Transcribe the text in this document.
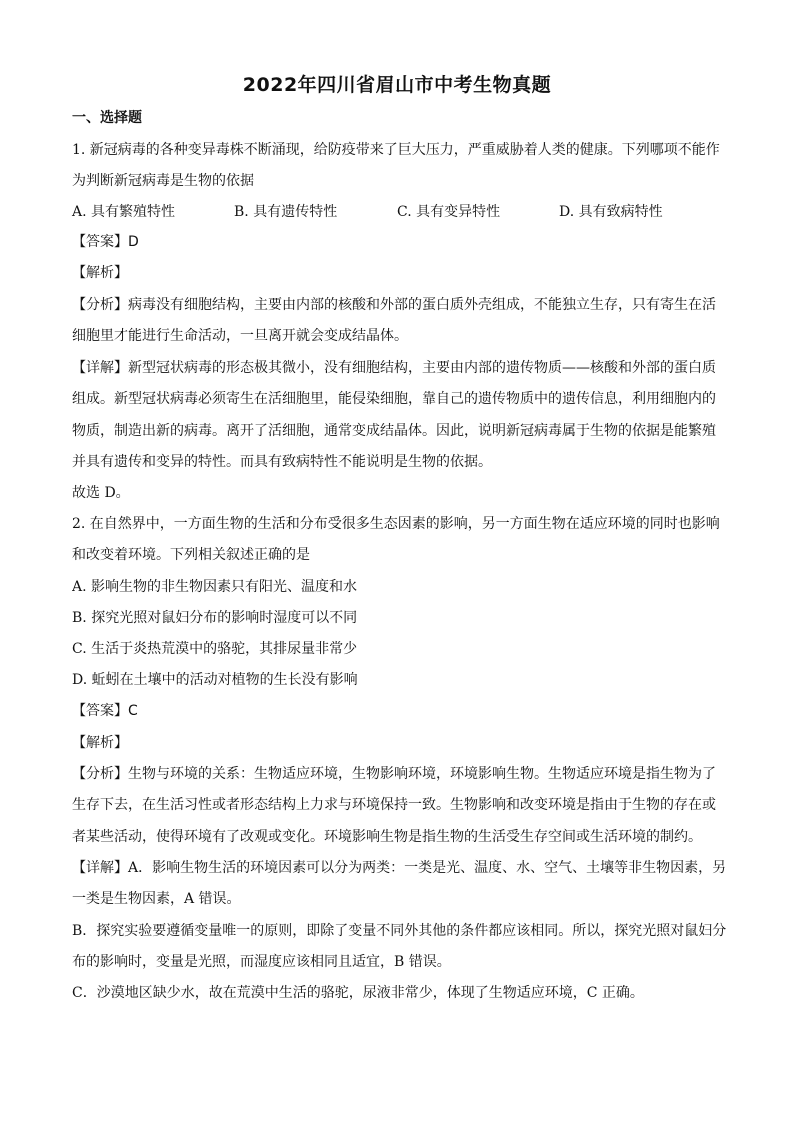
2022年四川省眉山市中考生物真题
一、选择题
1. 新冠病毒的各种变异毒株不断涌现，给防疫带来了巨大压力，严重威胁着人类的健康。下列哪项不能作
为判断新冠病毒是生物的依据
A. 具有繁殖特性	B. 具有遗传特性	C. 具有变异特性	D. 具有致病特性
【答案】D
【解析】
【分析】病毒没有细胞结构，主要由内部的核酸和外部的蛋白质外壳组成，不能独立生存，只有寄生在活
细胞里才能进行生命活动，一旦离开就会变成结晶体。
【详解】新型冠状病毒的形态极其微小，没有细胞结构，主要由内部的遗传物质——核酸和外部的蛋白质
组成。新型冠状病毒必须寄生在活细胞里，能侵染细胞，靠自己的遗传物质中的遗传信息，利用细胞内的
物质，制造出新的病毒。离开了活细胞，通常变成结晶体。因此，说明新冠病毒属于生物的依据是能繁殖
并具有遗传和变异的特性。而具有致病特性不能说明是生物的依据。
故选 D。
2. 在自然界中，一方面生物的生活和分布受很多生态因素的影响，另一方面生物在适应环境的同时也影响
和改变着环境。下列相关叙述正确的是
A. 影响生物的非生物因素只有阳光、温度和水
B. 探究光照对鼠妇分布的影响时湿度可以不同
C. 生活于炎热荒漠中的骆驼，其排尿量非常少
D. 蚯蚓在土壤中的活动对植物的生长没有影响
【答案】C
【解析】
【分析】生物与环境的关系：生物适应环境，生物影响环境，环境影响生物。生物适应环境是指生物为了
生存下去，在生活习性或者形态结构上力求与环境保持一致。生物影响和改变环境是指由于生物的存在或
者某些活动，使得环境有了改观或变化。环境影响生物是指生物的生活受生存空间或生活环境的制约。
【详解】A．影响生物生活的环境因素可以分为两类：一类是光、温度、水、空气、土壤等非生物因素，另
一类是生物因素，A 错误。
B．探究实验要遵循变量唯一的原则，即除了变量不同外其他的条件都应该相同。所以，探究光照对鼠妇分
布的影响时，变量是光照，而湿度应该相同且适宜，B 错误。
C．沙漠地区缺少水，故在荒漠中生活的骆驼，尿液非常少，体现了生物适应环境，C 正确。
